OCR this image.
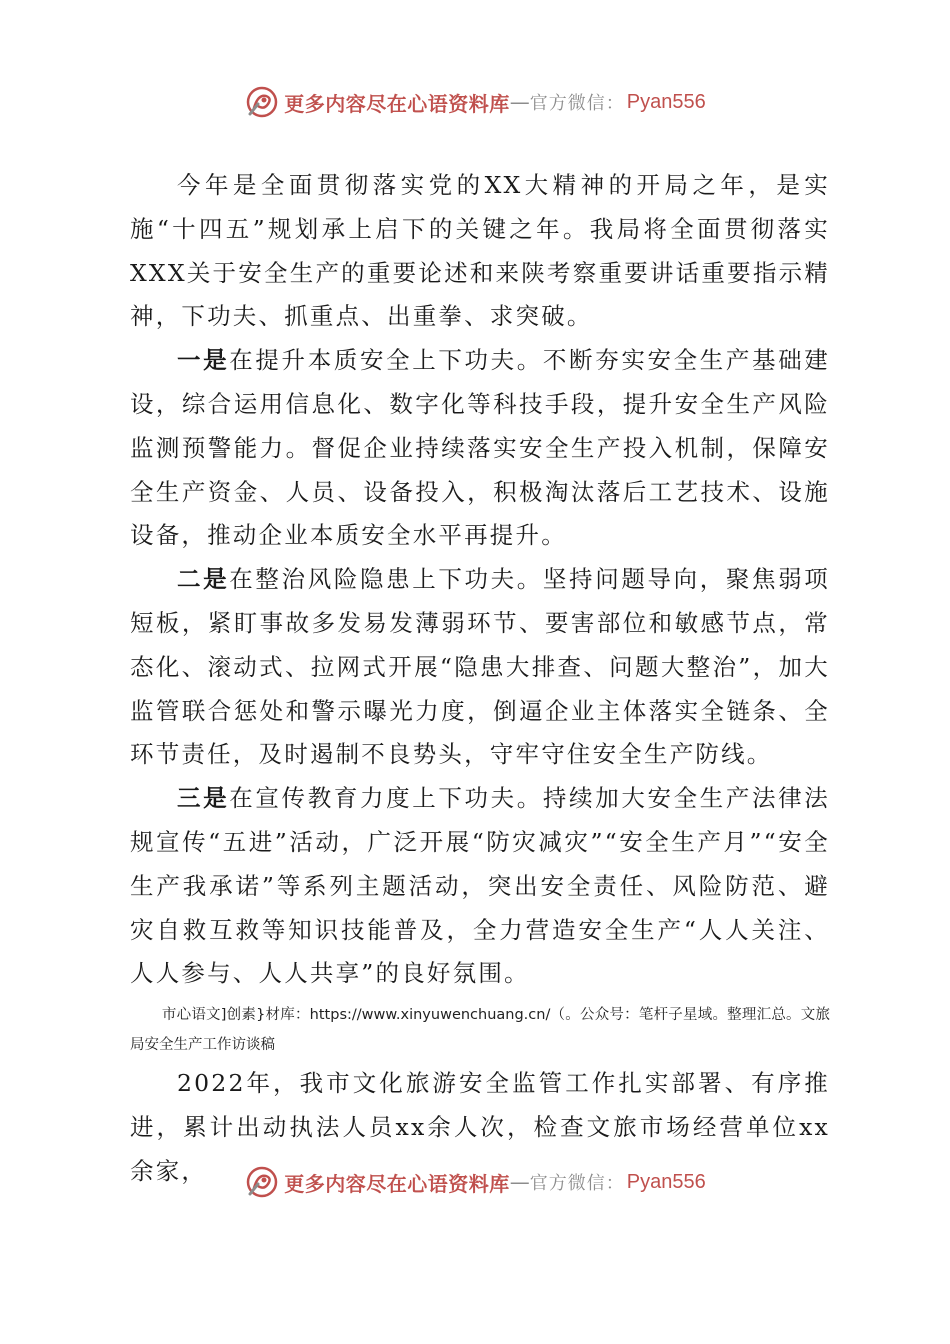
更多内容尽在心语资料库 — 官方微信： Pyan556

今年是全面贯彻落实党的XX大精神的开局之年，是实施“十四五”规划承上启下的关键之年。我局将全面贯彻落实XXX关于安全生产的重要论述和来陕考察重要讲话重要指示精神，下功夫、抓重点、出重拳、求突破。

一是在提升本质安全上下功夫。不断夯实安全生产基础建设，综合运用信息化、数字化等科技手段，提升安全生产风险监测预警能力。督促企业持续落实安全生产投入机制，保障安全生产资金、人员、设备投入，积极淘汰落后工艺技术、设施设备，推动企业本质安全水平再提升。

二是在整治风险隐患上下功夫。坚持问题导向，聚焦弱项短板，紧盯事故多发易发薄弱环节、要害部位和敏感节点，常态化、滚动式、拉网式开展“隐患大排查、问题大整治”，加大监管联合惩处和警示曝光力度，倒逼企业主体落实全链条、全环节责任，及时遏制不良势头，守牢守住安全生产防线。

三是在宣传教育力度上下功夫。持续加大安全生产法律法规宣传“五进”活动，广泛开展“防灾减灾”“安全生产月”“安全生产我承诺”等系列主题活动，突出安全责任、风险防范、避灾自救互救等知识技能普及，全力营造安全生产“人人关注、人人参与、人人共享”的良好氛围。

市心语文]创素}材库：https://www.xinyuwenchuang.cn/（。公众号：笔杆子星域。整理汇总。文旅局安全生产工作访谈稿

2022年，我市文化旅游安全监管工作扎实部署、有序推进，累计出动执法人员xx余人次，检查文旅市场经营单位xx余家，	更多内容尽在心语资料库 — 官方微信： Pyan556
